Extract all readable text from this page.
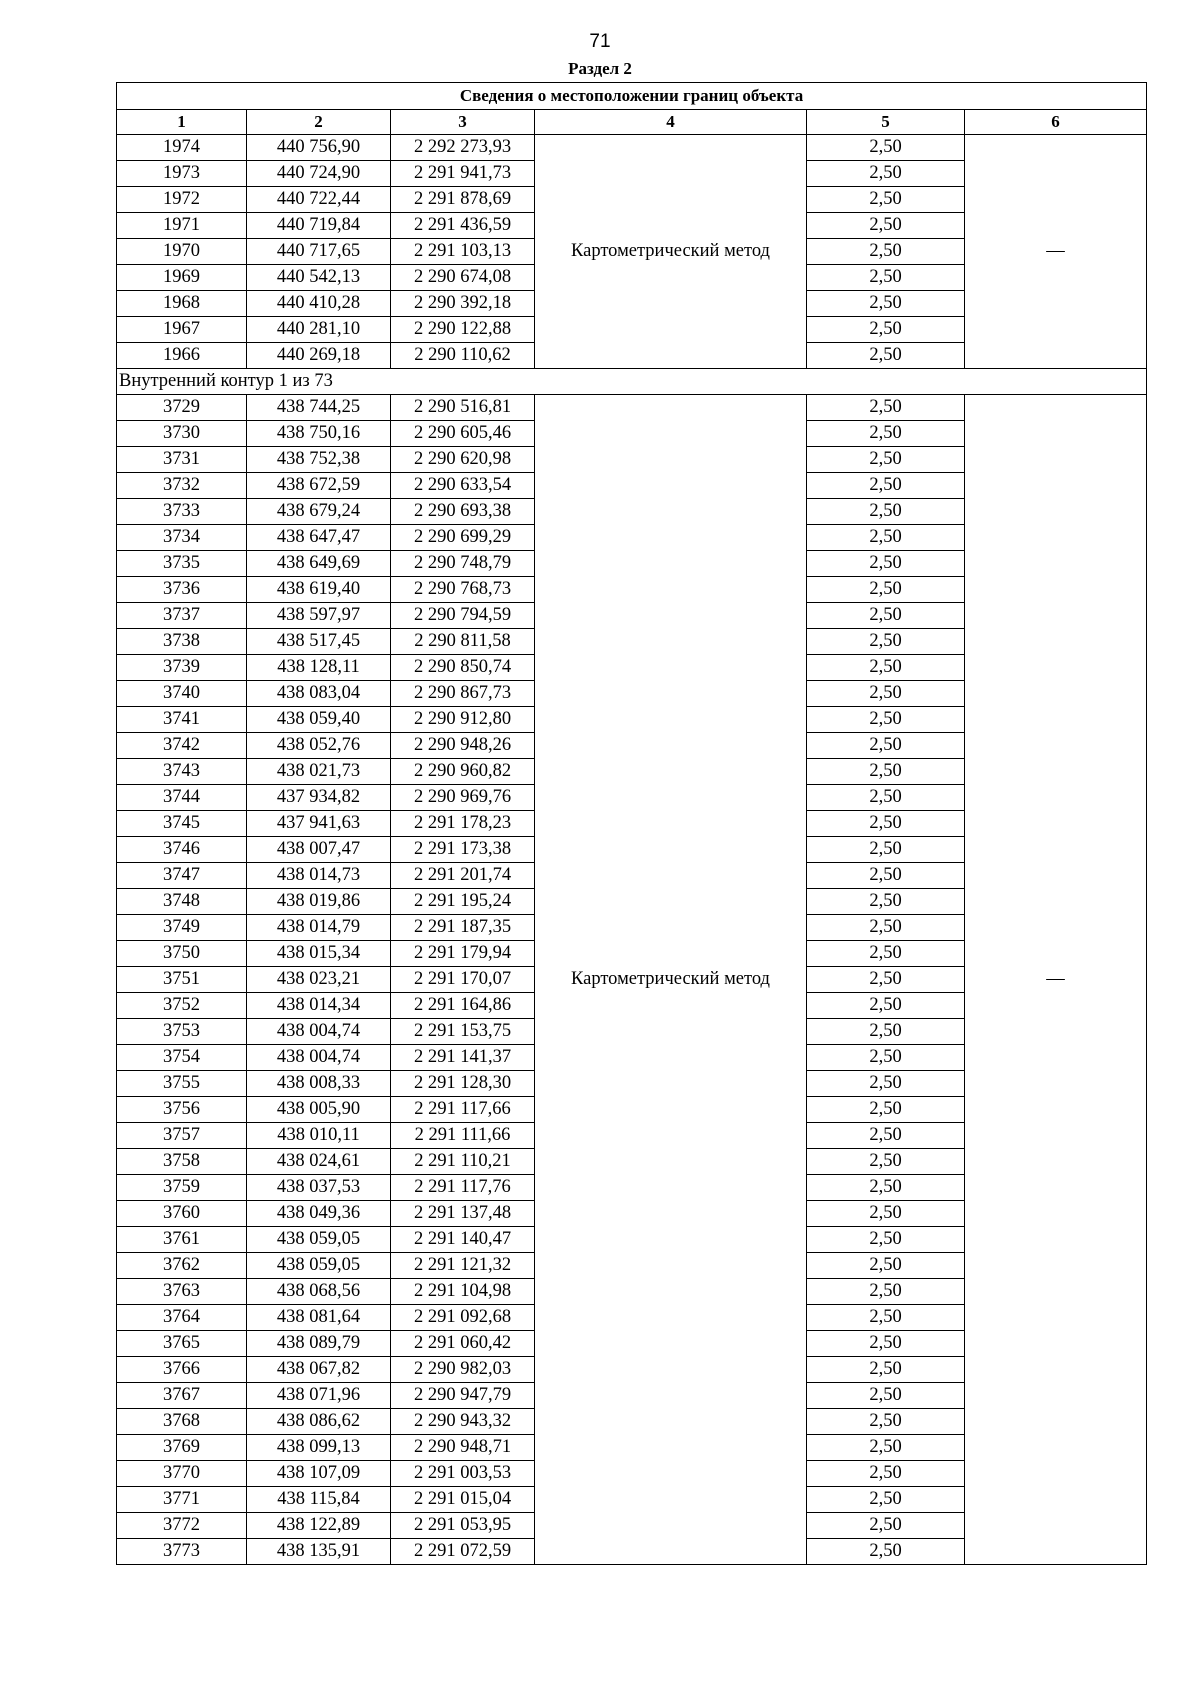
71
Раздел 2
Сведения о местоположении границ объекта					
1	2	3	4	5	6
1974	440 756,90	2 292 273,93	Картометрический метод	2,50	—
1973	440 724,90	2 291 941,73		2,50	
1972	440 722,44	2 291 878,69		2,50	
1971	440 719,84	2 291 436,59		2,50	
1970	440 717,65	2 291 103,13		2,50	
1969	440 542,13	2 290 674,08		2,50	
1968	440 410,28	2 290 392,18		2,50	
1967	440 281,10	2 290 122,88		2,50	
1966	440 269,18	2 290 110,62		2,50	
Внутренний контур 1 из 73					
3729	438 744,25	2 290 516,81	Картометрический метод	2,50	—
3730	438 750,16	2 290 605,46		2,50	
3731	438 752,38	2 290 620,98		2,50	
3732	438 672,59	2 290 633,54		2,50	
3733	438 679,24	2 290 693,38		2,50	
3734	438 647,47	2 290 699,29		2,50	
3735	438 649,69	2 290 748,79		2,50	
3736	438 619,40	2 290 768,73		2,50	
3737	438 597,97	2 290 794,59		2,50	
3738	438 517,45	2 290 811,58		2,50	
3739	438 128,11	2 290 850,74		2,50	
3740	438 083,04	2 290 867,73		2,50	
3741	438 059,40	2 290 912,80		2,50	
3742	438 052,76	2 290 948,26		2,50	
3743	438 021,73	2 290 960,82		2,50	
3744	437 934,82	2 290 969,76		2,50	
3745	437 941,63	2 291 178,23		2,50	
3746	438 007,47	2 291 173,38		2,50	
3747	438 014,73	2 291 201,74		2,50	
3748	438 019,86	2 291 195,24		2,50	
3749	438 014,79	2 291 187,35		2,50	
3750	438 015,34	2 291 179,94		2,50	
3751	438 023,21	2 291 170,07		2,50	
3752	438 014,34	2 291 164,86		2,50	
3753	438 004,74	2 291 153,75		2,50	
3754	438 004,74	2 291 141,37		2,50	
3755	438 008,33	2 291 128,30		2,50	
3756	438 005,90	2 291 117,66		2,50	
3757	438 010,11	2 291 111,66		2,50	
3758	438 024,61	2 291 110,21		2,50	
3759	438 037,53	2 291 117,76		2,50	
3760	438 049,36	2 291 137,48		2,50	
3761	438 059,05	2 291 140,47		2,50	
3762	438 059,05	2 291 121,32		2,50	
3763	438 068,56	2 291 104,98		2,50	
3764	438 081,64	2 291 092,68		2,50	
3765	438 089,79	2 291 060,42		2,50	
3766	438 067,82	2 290 982,03		2,50	
3767	438 071,96	2 290 947,79		2,50	
3768	438 086,62	2 290 943,32		2,50	
3769	438 099,13	2 290 948,71		2,50	
3770	438 107,09	2 291 003,53		2,50	
3771	438 115,84	2 291 015,04		2,50	
3772	438 122,89	2 291 053,95		2,50	
3773	438 135,91	2 291 072,59		2,50	
